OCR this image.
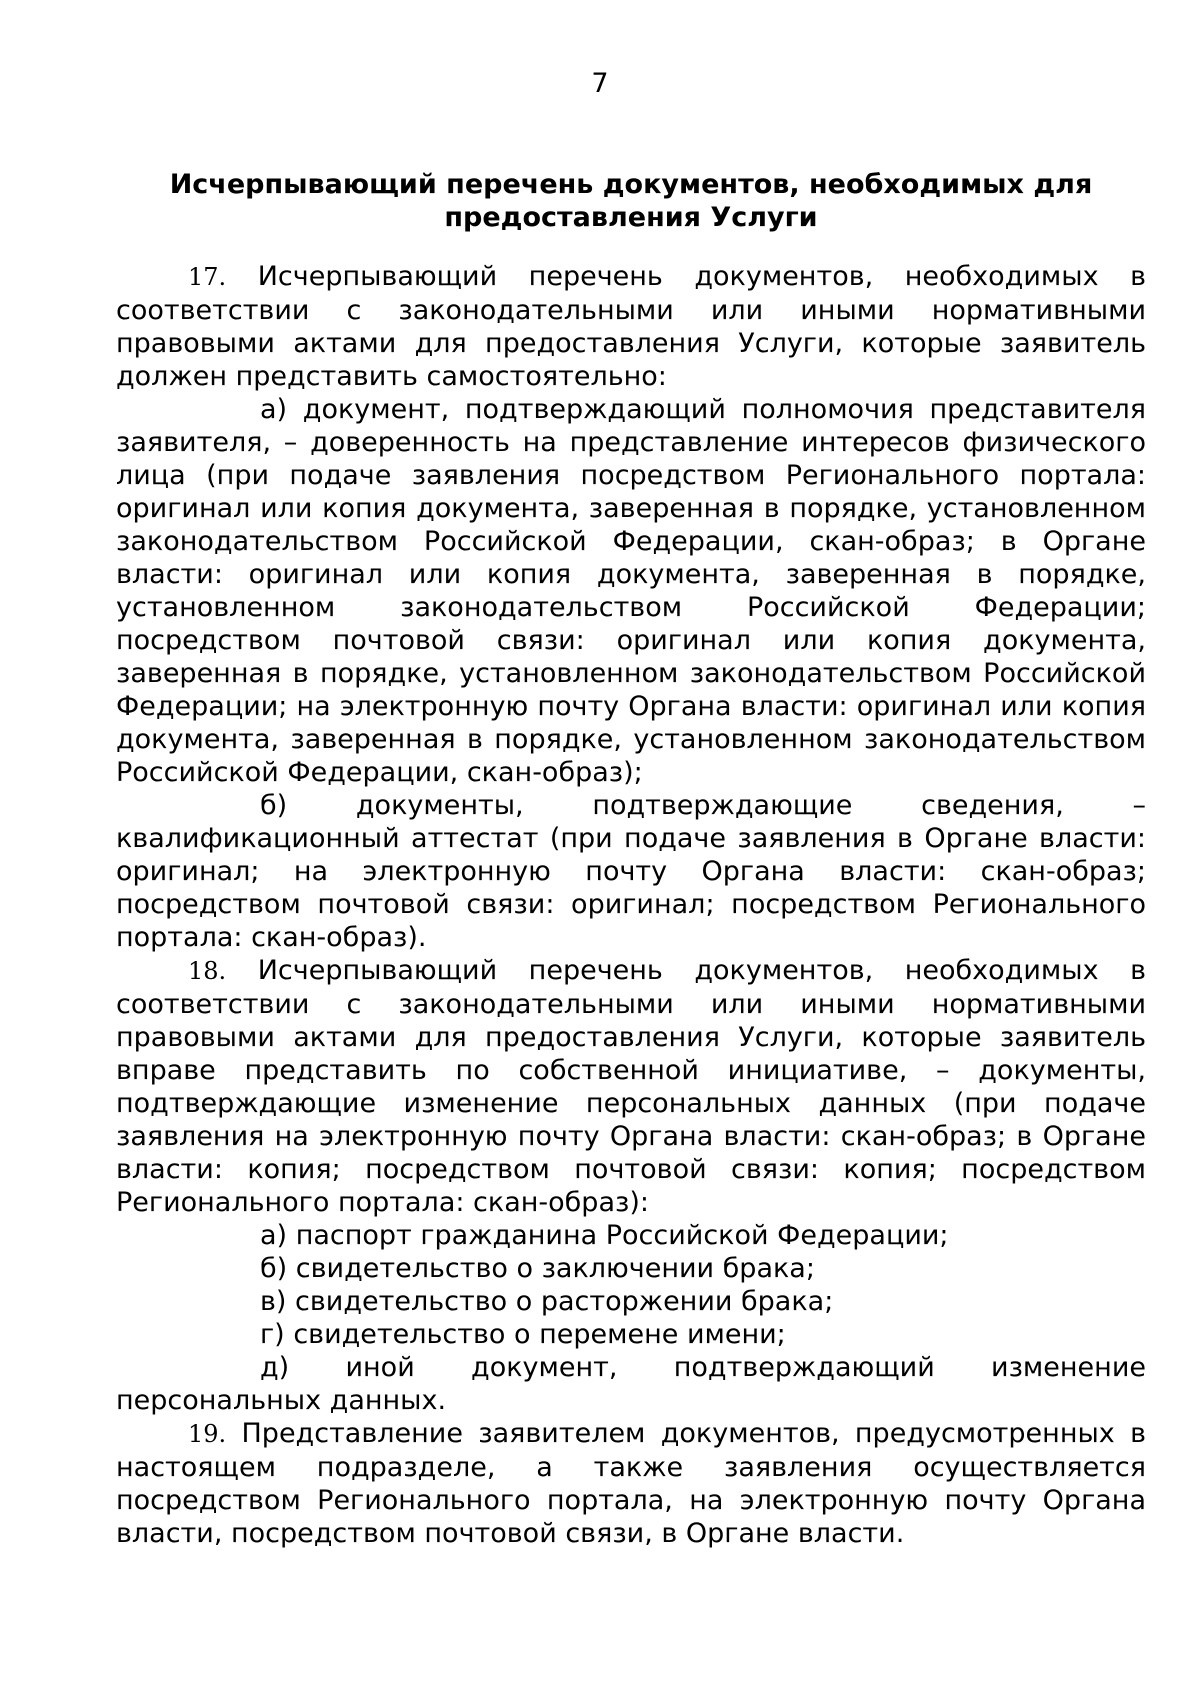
7
Исчерпывающий перечень документов, необходимых для предоставления Услуги

17. Исчерпывающий перечень документов, необходимых в соответствии с законодательными или иными нормативными правовыми актами для предоставления Услуги, которые заявитель должен представить самостоятельно:

а) документ, подтверждающий полномочия представителя заявителя, – доверенность на представление интересов физического лица (при подаче заявления посредством Регионального портала: оригинал или копия документа, заверенная в порядке, установленном законодательством Российской Федерации, скан-образ; в Органе власти: оригинал или копия документа, заверенная в порядке, установленном законодательством Российской Федерации; посредством почтовой связи: оригинал или копия документа, заверенная в порядке, установленном законодательством Российской Федерации; на электронную почту Органа власти: оригинал или копия документа, заверенная в порядке, установленном законодательством Российской Федерации, скан-образ);

б)	документы, подтверждающие сведения, – квалификационный аттестат (при подаче заявления в Органе власти: оригинал; на электронную почту Органа власти: скан-образ; посредством почтовой связи: оригинал; посредством Регионального портала: скан-образ).

18. Исчерпывающий перечень документов, необходимых в соответствии с законодательными или иными нормативными правовыми актами для предоставления Услуги, которые заявитель вправе представить по собственной инициативе, – документы, подтверждающие изменение персональных данных (при подаче заявления на электронную почту Органа власти: скан-образ; в Органе власти: копия; посредством почтовой связи: копия; посредством Регионального портала: скан-образ):

а) паспорт гражданина Российской Федерации;

б) свидетельство о заключении брака;

в) свидетельство о расторжении брака;

г) свидетельство о перемене имени;

д) иной документ, подтверждающий изменение персональных данных.

19. Представление заявителем документов, предусмотренных в настоящем подразделе, а также заявления осуществляется посредством Регионального портала, на электронную почту Органа власти, посредством почтовой связи, в Органе власти.
